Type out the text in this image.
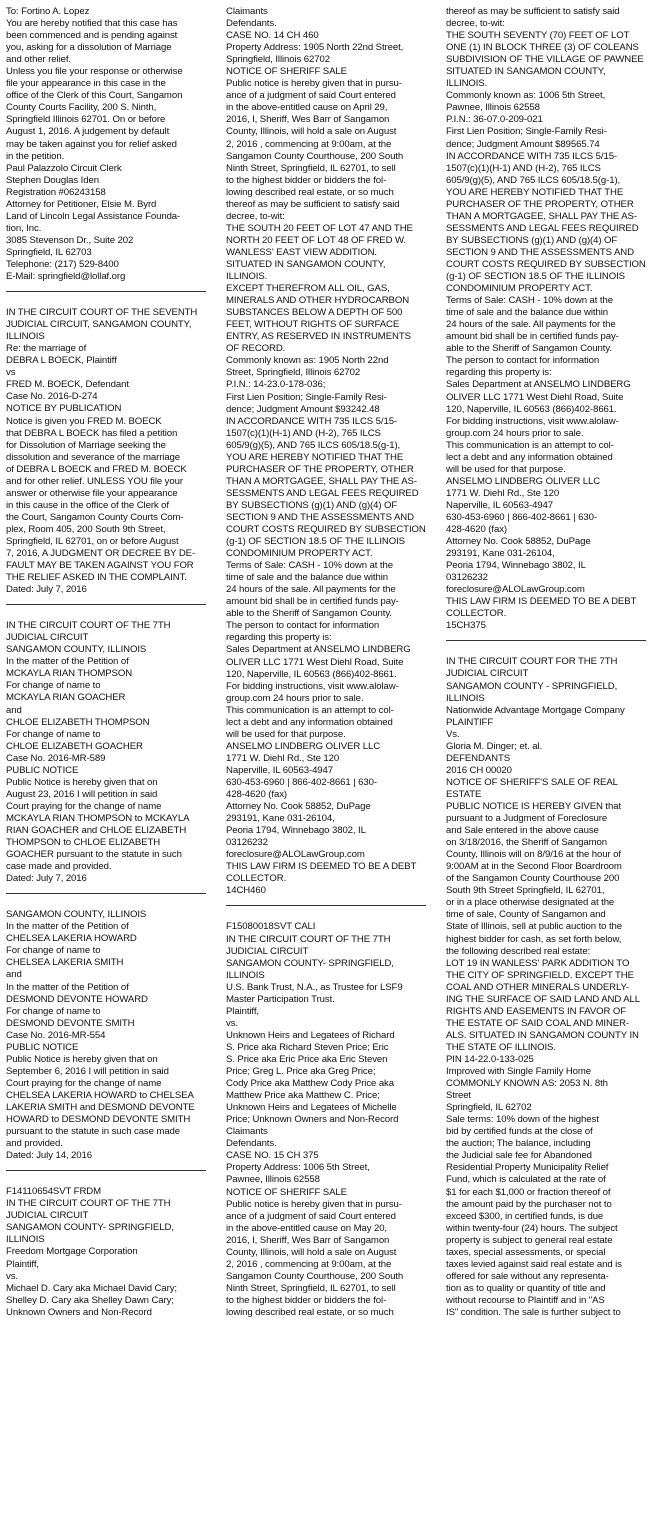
To: Fortino A. Lopez
You are hereby notified that this case has
been commenced and is pending against
you, asking for a dissolution of Marriage
and other relief.
Unless you file your response or otherwise
file your appearance in this case in the
office of the Clerk of this Court, Sangamon
County Courts Facility, 200 S. Ninth,
Springfield Illinois 62701. On or before
August 1, 2016. A judgement by default
may be taken against you for relief asked
in the petition.
Paul Palazzolo Circuit Clerk
Stephen Douglas Iden
Registration #06243158
Attorney for Petitioner, Elsie M. Byrd
Land of Lincoln Legal Assistance Founda-
tion, Inc.
3085 Stevenson Dr., Suite 202
Springfield, IL 62703
Telephone: (217) 529-8400
E-Mail: springfield@lollaf.org
IN THE CIRCUIT COURT OF THE SEVENTH
JUDICIAL CIRCUIT, SANGAMON COUNTY,
ILLINOIS
Re: the marriage of
DEBRA L BOECK, Plaintiff
vs
FRED M. BOECK, Defendant
Case No. 2016-D-274
NOTICE BY PUBLICATION
Notice is given you FRED M. BOECK
that DEBRA L BOECK has filed a petition
for Dissolution of Marriage seeking the
dissolution and severance of the marriage
of DEBRA L BOECK and FRED M. BOECK
and for other relief. UNLESS YOU file your
answer or otherwise file your appearance
in this cause in the office of the Clerk of
the Court, Sangamon County Courts Com-
plex, Room 405, 200 South 9th Street,
Springfield, IL 62701, on or before August
7, 2016, A JUDGMENT OR DECREE BY DE-
FAULT MAY BE TAKEN AGAINST YOU FOR
THE RELIEF ASKED IN THE COMPLAINT.
Dated: July 7, 2016
IN THE CIRCUIT COURT OF THE 7TH
JUDICIAL CIRCUIT
SANGAMON COUNTY, ILLINOIS
In the matter of the Petition of
MCKAYLA RIAN THOMPSON
For change of name to
MCKAYLA RIAN GOACHER
and
CHLOE ELIZABETH THOMPSON
For change of name to
CHLOE ELIZABETH GOACHER
Case No. 2016-MR-589
PUBLIC NOTICE
Public Notice is hereby given that on
August 23, 2016 I will petition in said
Court praying for the change of name
MCKAYLA RIAN THOMPSON to MCKAYLA
RIAN GOACHER and CHLOE ELIZABETH
THOMPSON to CHLOE ELIZABETH
GOACHER pursuant to the statute in such
case made and provided.
Dated: July 7, 2016
SANGAMON COUNTY, ILLINOIS
In the matter of the Petition of
CHELSEA LAKERIA HOWARD
For change of name to
CHELSEA LAKERIA SMITH
and
In the matter of the Petition of
DESMOND DEVONTE HOWARD
For change of name to
DESMOND DEVONTE SMITH
Case No. 2016-MR-554
PUBLIC NOTICE
Public Notice is hereby given that on
September 6, 2016 I will petition in said
Court praying for the change of name
CHELSEA LAKERIA HOWARD to CHELSEA
LAKERIA SMITH and DESMOND DEVONTE
HOWARD to DESMOND DEVONTE SMITH
pursuant to the statute in such case made
and provided.
Dated: July 14, 2016
F14110654SVT FRDM
IN THE CIRCUIT COURT OF THE 7TH
JUDICIAL CIRCUIT
SANGAMON COUNTY- SPRINGFIELD,
ILLINOIS
Freedom Mortgage Corporation
Plaintiff,
vs.
Michael D. Cary aka Michael David Cary;
Shelley D. Cary aka Shelley Dawn Cary;
Unknown Owners and Non-Record
Claimants
Defendants.
CASE NO. 14 CH 460
Property Address: 1905 North 22nd Street,
Springfield, Illinois 62702
NOTICE OF SHERIFF SALE
Public notice is hereby given that in pursu-
ance of a judgment of said Court entered
in the above-entitled cause on April 29,
2016, I, Sheriff, Wes Barr of Sangamon
County, Illinois, will hold a sale on August
2, 2016 , commencing at 9:00am, at the
Sangamon County Courthouse, 200 South
Ninth Street, Springfield, IL 62701, to sell
to the highest bidder or bidders the fol-
lowing described real estate, or so much
thereof as may be sufficient to satisfy said
decree, to-wit:
THE SOUTH 20 FEET OF LOT 47 AND THE
NORTH 20 FEET OF LOT 48 OF FRED W.
WANLESS' EAST VIEW ADDITION.
SITUATED IN SANGAMON COUNTY,
ILLINOIS.
EXCEPT THEREFROM ALL OIL, GAS,
MINERALS AND OTHER HYDROCARBON
SUBSTANCES BELOW A DEPTH OF 500
FEET, WITHOUT RIGHTS OF SURFACE
ENTRY, AS RESERVED IN INSTRUMENTS
OF RECORD.
Commonly known as: 1905 North 22nd
Street, Springfield, Illinois 62702
P.I.N.: 14-23.0-178-036;
First Lien Position; Single-Family Resi-
dence; Judgment Amount $93242.48
IN ACCORDANCE WITH 735 ILCS 5/15-
1507(c)(1)(H-1) AND (H-2), 765 ILCS
605/9(g)(5), AND 765 ILCS 605/18.5(g-1),
YOU ARE HEREBY NOTIFIED THAT THE
PURCHASER OF THE PROPERTY, OTHER
THAN A MORTGAGEE, SHALL PAY THE AS-
SESSMENTS AND LEGAL FEES REQUIRED
BY SUBSECTIONS (g)(1) AND (g)(4) OF
SECTION 9 AND THE ASSESSMENTS AND
COURT COSTS REQUIRED BY SUBSECTION
(g-1) OF SECTION 18.5 OF THE ILLINOIS
CONDOMINIUM PROPERTY ACT.
Terms of Sale: CASH - 10% down at the
time of sale and the balance due within
24 hours of the sale. All payments for the
amount bid shall be in certified funds pay-
able to the Sheriff of Sangamon County.
The person to contact for information
regarding this property is:
Sales Department at ANSELMO LINDBERG
OLIVER LLC 1771 West Diehl Road, Suite
120, Naperville, IL 60563 (866)402-8661.
For bidding instructions, visit www.alolaw-
group.com 24 hours prior to sale.
This communication is an attempt to col-
lect a debt and any information obtained
will be used for that purpose.
ANSELMO LINDBERG OLIVER LLC
1771 W. Diehl Rd., Ste 120
Naperville, IL 60563-4947
630-453-6960 | 866-402-8661 | 630-
428-4620 (fax)
Attorney No. Cook 58852, DuPage
293191, Kane 031-26104,
Peoria 1794, Winnebago 3802, IL
03126232
foreclosure@ALOLawGroup.com
THIS LAW FIRM IS DEEMED TO BE A DEBT
COLLECTOR.
14CH460
F15080018SVT CALI
IN THE CIRCUIT COURT OF THE 7TH
JUDICIAL CIRCUIT
SANGAMON COUNTY- SPRINGFIELD,
ILLINOIS
U.S. Bank Trust, N.A., as Trustee for LSF9
Master Participation Trust.
Plaintiff,
vs.
Unknown Heirs and Legatees of Richard
S. Price aka Richard Steven Price; Eric
S. Price aka Eric Price aka Eric Steven
Price; Greg L. Price aka Greg Price;
Cody Price aka Matthew Cody Price aka
Matthew Price aka Matthew C. Price;
Unknown Heirs and Legatees of Michelle
Price; Unknown Owners and Non-Record
Claimants
Defendants.
CASE NO. 15 CH 375
Property Address: 1006 5th Street,
Pawnee, Illinois 62558
NOTICE OF SHERIFF SALE
Public notice is hereby given that in pursu-
ance of a judgment of said Court entered
in the above-entitled cause on May 20,
2016, I, Sheriff, Wes Barr of Sangamon
County, Illinois, will hold a sale on August
2, 2016 , commencing at 9:00am, at the
Sangamon County Courthouse, 200 South
Ninth Street, Springfield, IL 62701, to sell
to the highest bidder or bidders the fol-
lowing described real estate, or so much
thereof as may be sufficient to satisfy said
decree, to-wit:
THE SOUTH SEVENTY (70) FEET OF LOT
ONE (1) IN BLOCK THREE (3) OF COLEANS
SUBDIVISION OF THE VILLAGE OF PAWNEE
SITUATED IN SANGAMON COUNTY,
ILLINOIS.
Commonly known as: 1006 5th Street,
Pawnee, Illinois 62558
P.I.N.: 36-07.0-209-021
First Lien Position; Single-Family Resi-
dence; Judgment Amount $89565.74
IN ACCORDANCE WITH 735 ILCS 5/15-
1507(c)(1)(H-1) AND (H-2), 765 ILCS
605/9(g)(5), AND 765 ILCS 605/18.5(g-1),
YOU ARE HEREBY NOTIFIED THAT THE
PURCHASER OF THE PROPERTY, OTHER
THAN A MORTGAGEE, SHALL PAY THE AS-
SESSMENTS AND LEGAL FEES REQUIRED
BY SUBSECTIONS (g)(1) AND (g)(4) OF
SECTION 9 AND THE ASSESSMENTS AND
COURT COSTS REQUIRED BY SUBSECTION
(g-1) OF SECTION 18.5 OF THE ILLINOIS
CONDOMINIUM PROPERTY ACT.
Terms of Sale: CASH - 10% down at the
time of sale and the balance due within
24 hours of the sale. All payments for the
amount bid shall be in certified funds pay-
able to the Sheriff of Sangamon County.
The person to contact for information
regarding this property is:
Sales Department at ANSELMO LINDBERG
OLIVER LLC 1771 West Diehl Road, Suite
120, Naperville, IL 60563 (866)402-8661.
For bidding instructions, visit www.alolaw-
group.com 24 hours prior to sale.
This communication is an attempt to col-
lect a debt and any information obtained
will be used for that purpose.
ANSELMO LINDBERG OLIVER LLC
1771 W. Diehl Rd., Ste 120
Naperville, IL 60563-4947
630-453-6960 | 866-402-8661 | 630-
428-4620 (fax)
Attorney No. Cook 58852, DuPage
293191, Kane 031-26104,
Peoria 1794, Winnebago 3802, IL
03126232
foreclosure@ALOLawGroup.com
THIS LAW FIRM IS DEEMED TO BE A DEBT
COLLECTOR.
15CH375
IN THE CIRCUIT COURT FOR THE 7TH
JUDICIAL CIRCUIT
SANGAMON COUNTY - SPRINGFIELD,
ILLINOIS
Nationwide Advantage Mortgage Company
PLAINTIFF
Vs.
Gloria M. Dinger; et. al.
DEFENDANTS
2016 CH 00020
NOTICE OF SHERIFF'S SALE OF REAL
ESTATE
PUBLIC NOTICE IS HEREBY GIVEN that
pursuant to a Judgment of Foreclosure
and Sale entered in the above cause
on 3/18/2016, the Sheriff of Sangamon
County, Illinois will on 8/9/16 at the hour of
9:00AM at in the Second Floor Boardroom
of the Sangamon County Courthouse 200
South 9th Street Springfield, IL 62701,
or in a place otherwise designated at the
time of sale, County of Sangamon and
State of Illinois, sell at public auction to the
highest bidder for cash, as set forth below,
the following described real estate:
LOT 19 IN WANLESS' PARK ADDITION TO
THE CITY OF SPRINGFIELD. EXCEPT THE
COAL AND OTHER MINERALS UNDERLY-
ING THE SURFACE OF SAID LAND AND ALL
RIGHTS AND EASEMENTS IN FAVOR OF
THE ESTATE OF SAID COAL AND MINER-
ALS. SITUATED IN SANGAMON COUNTY IN
THE STATE OF ILLINOIS.
PIN 14-22.0-133-025
Improved with Single Family Home
COMMONLY KNOWN AS: 2053 N. 8th
Street
Springfield, IL 62702
Sale terms: 10% down of the highest
bid by certified funds at the close of
the auction; The balance, including
the Judicial sale fee for Abandoned
Residential Property Municipality Relief
Fund, which is calculated at the rate of
$1 for each $1,000 or fraction thereof of
the amount paid by the purchaser not to
exceed $300, in certified funds, is due
within twenty-four (24) hours. The subject
property is subject to general real estate
taxes, special assessments, or special
taxes levied against said real estate and is
offered for sale without any representa-
tion as to quality or quantity of title and
without recourse to Plaintiff and in "AS
IS" condition. The sale is further subject to
